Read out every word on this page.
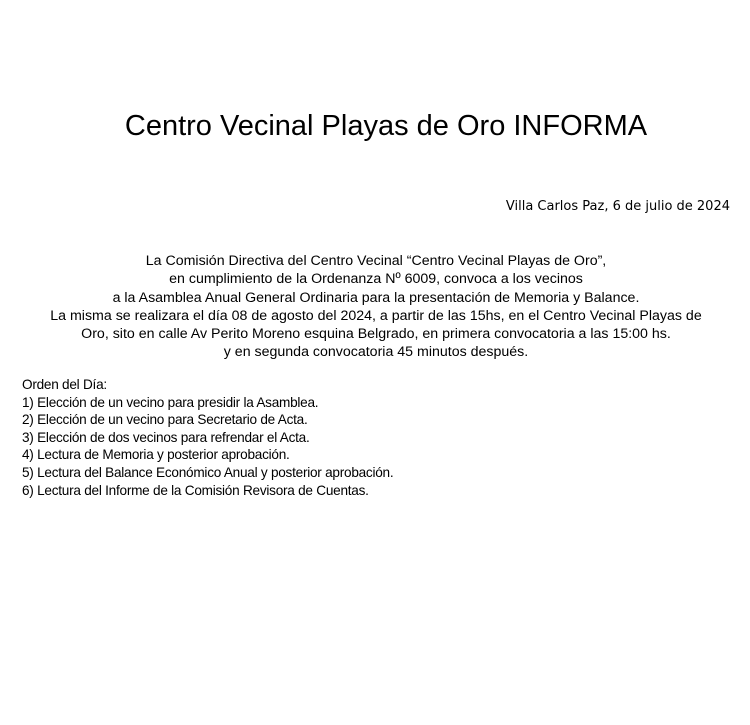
Centro Vecinal Playas de Oro INFORMA
Villa Carlos Paz, 6 de julio de 2024
La Comisión Directiva del Centro Vecinal “Centro Vecinal Playas de Oro”,
en cumplimiento de la Ordenanza Nº 6009, convoca a los vecinos
a la Asamblea Anual General Ordinaria para la presentación de Memoria y Balance.
La misma se realizara el día 08 de agosto del 2024, a partir de las 15hs, en el Centro Vecinal Playas de
Oro, sito en calle Av Perito Moreno esquina Belgrado, en primera convocatoria a las 15:00 hs.
y en segunda convocatoria 45 minutos después.
Orden del Día:
1) Elección de un vecino para presidir la Asamblea.
2) Elección de un vecino para Secretario de Acta.
3) Elección de dos vecinos para refrendar el Acta.
4) Lectura de Memoria y posterior aprobación.
5) Lectura del Balance Económico Anual y posterior aprobación.
6) Lectura del Informe de la Comisión Revisora de Cuentas.
